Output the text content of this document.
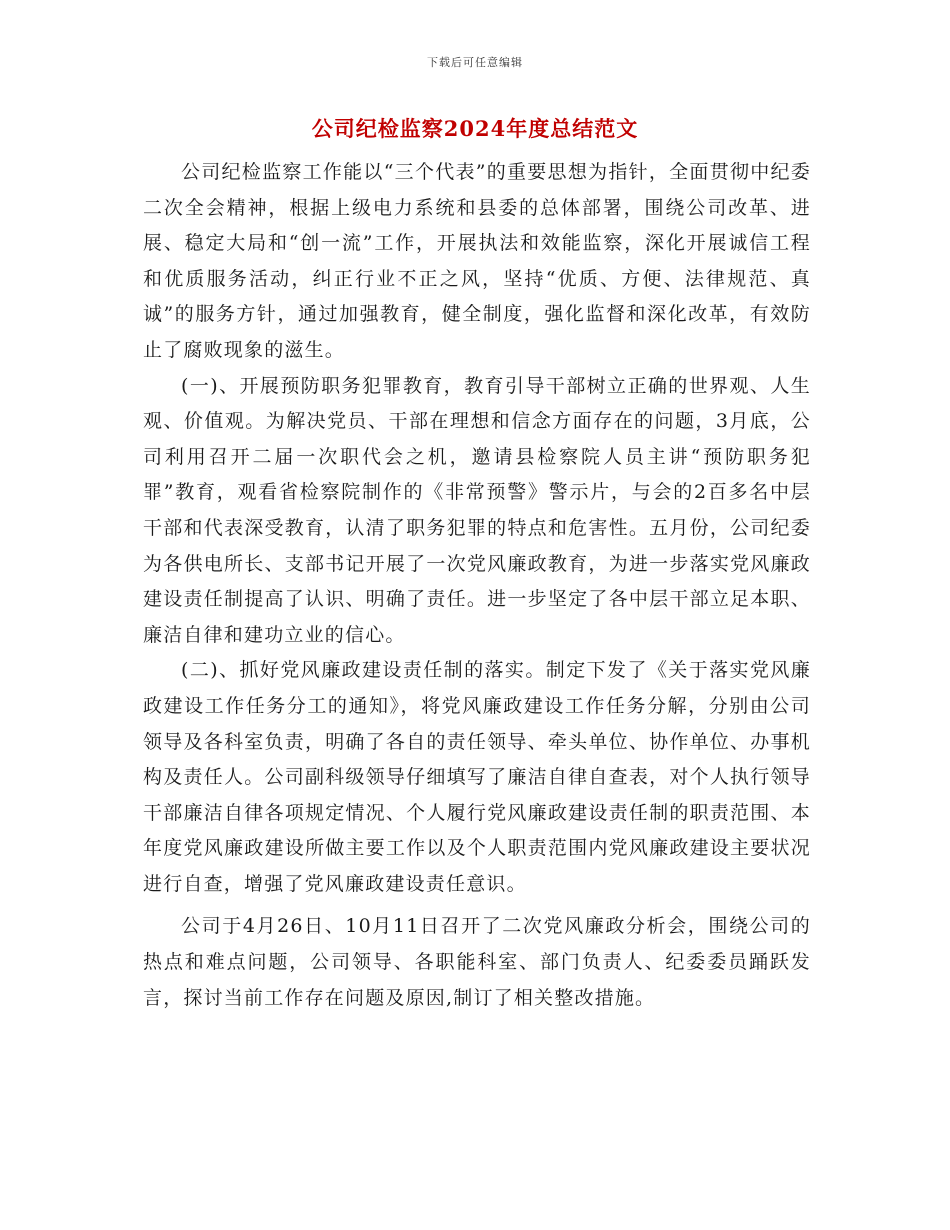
下载后可任意编辑
公司纪检监察2024年度总结范文

公司纪检监察工作能以“三个代表”的重要思想为指针，全面贯彻中纪委二次全会精神，根据上级电力系统和县委的总体部署，围绕公司改革、进展、稳定大局和“创一流”工作，开展执法和效能监察，深化开展诚信工程和优质服务活动，纠正行业不正之风，坚持“优质、方便、法律规范、真诚”的服务方针，通过加强教育，健全制度，强化监督和深化改革，有效防止了腐败现象的滋生。

(一)、开展预防职务犯罪教育，教育引导干部树立正确的世界观、人生观、价值观。为解决党员、干部在理想和信念方面存在的问题，3月底，公司利用召开二届一次职代会之机，邀请县检察院人员主讲“预防职务犯罪”教育，观看省检察院制作的《非常预警》警示片，与会的2百多名中层干部和代表深受教育，认清了职务犯罪的特点和危害性。五月份，公司纪委为各供电所长、支部书记开展了一次党风廉政教育，为进一步落实党风廉政建设责任制提高了认识、明确了责任。进一步坚定了各中层干部立足本职、廉洁自律和建功立业的信心。

(二)、抓好党风廉政建设责任制的落实。制定下发了《关于落实党风廉政建设工作任务分工的通知》，将党风廉政建设工作任务分解，分别由公司领导及各科室负责，明确了各自的责任领导、牵头单位、协作单位、办事机构及责任人。公司副科级领导仔细填写了廉洁自律自查表，对个人执行领导干部廉洁自律各项规定情况、个人履行党风廉政建设责任制的职责范围、本年度党风廉政建设所做主要工作以及个人职责范围内党风廉政建设主要状况进行自查，增强了党风廉政建设责任意识。

公司于4月26日、10月11日召开了二次党风廉政分析会，围绕公司的热点和难点问题，公司领导、各职能科室、部门负责人、纪委委员踊跃发言，探讨当前工作存在问题及原因,制订了相关整改措施。
